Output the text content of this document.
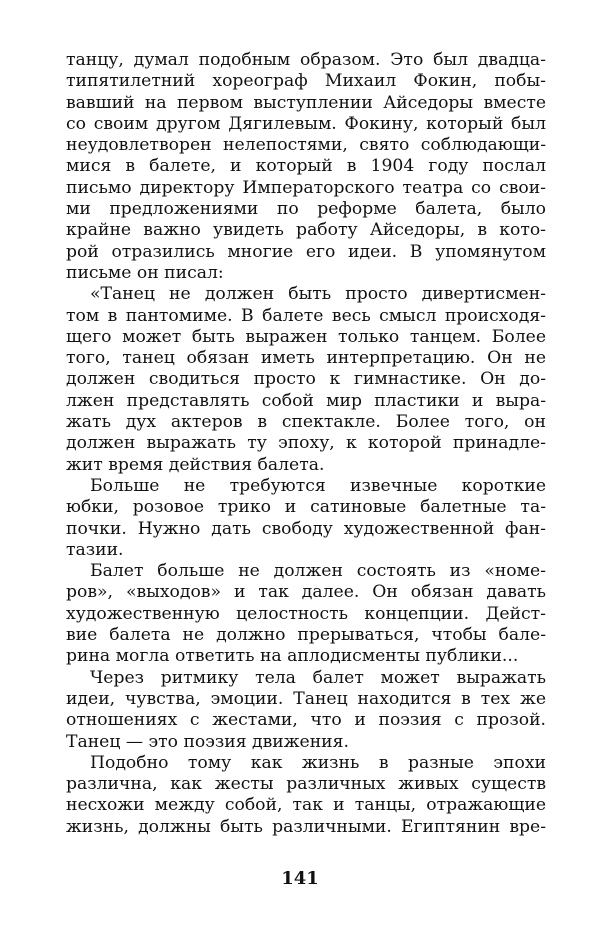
танцу, думал подобным образом. Это был двадца-
типятилетний хореограф Михаил Фокин, побы-
вавший на первом выступлении Айседоры вместе
со своим другом Дягилевым. Фокину, который был
неудовлетворен нелепостями, свято соблюдающи-
мися в балете, и который в 1904 году послал
письмо директору Императорского театра со свои-
ми предложениями по реформе балета, было
крайне важно увидеть работу Айседоры, в кото-
рой отразились многие его идеи. В упомянутом
письме он писал:
«Танец не должен быть просто дивертисмен-
том в пантомиме. В балете весь смысл происходя-
щего может быть выражен только танцем. Более
того, танец обязан иметь интерпретацию. Он не
должен сводиться просто к гимнастике. Он до-
лжен представлять собой мир пластики и выра-
жать дух актеров в спектакле. Более того, он
должен выражать ту эпоху, к которой принадле-
жит время действия балета.
Больше не требуются извечные короткие
юбки, розовое трико и сатиновые балетные та-
почки. Нужно дать свободу художественной фан-
тазии.
Балет больше не должен состоять из «номе-
ров», «выходов» и так далее. Он обязан давать
художественную целостность концепции. Дейст-
вие балета не должно прерываться, чтобы бале-
рина могла ответить на аплодисменты публики...
Через ритмику тела балет может выражать
идеи, чувства, эмоции. Танец находится в тех же
отношениях с жестами, что и поэзия с прозой.
Танец — это поэзия движения.
Подобно тому как жизнь в разные эпохи
различна, как жесты различных живых существ
несхожи между собой, так и танцы, отражающие
жизнь, должны быть различными. Египтянин вре-
141
